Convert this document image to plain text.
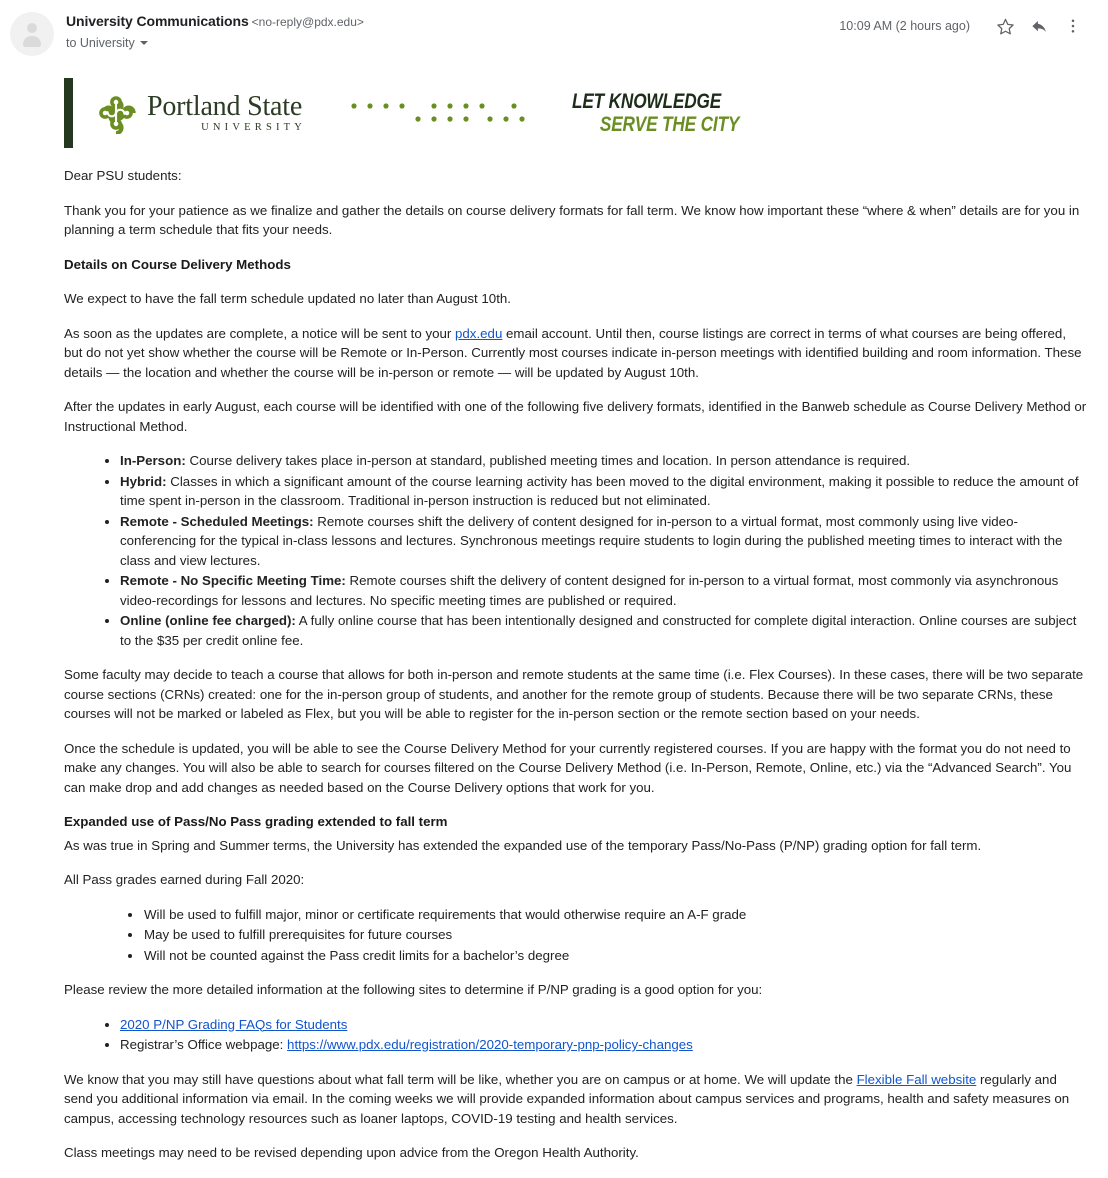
University Communications <no-reply@pdx.edu>
to University
10:09 AM (2 hours ago)
Portland State
UNIVERSITY
LET KNOWLEDGE
SERVE THE CITY

Dear PSU students:

Thank you for your patience as we finalize and gather the details on course delivery formats for fall term. We know how important these “where & when” details are for you in planning a term schedule that fits your needs.

Details on Course Delivery Methods

We expect to have the fall term schedule updated no later than August 10th.

As soon as the updates are complete, a notice will be sent to your pdx.edu email account. Until then, course listings are correct in terms of what courses are being offered, but do not yet show whether the course will be Remote or In-Person. Currently most courses indicate in-person meetings with identified building and room information. These details — the location and whether the course will be in-person or remote — will be updated by August 10th.

After the updates in early August, each course will be identified with one of the following five delivery formats, identified in the Banweb schedule as Course Delivery Method or Instructional Method.

In-Person: Course delivery takes place in-person at standard, published meeting times and location. In person attendance is required.
Hybrid: Classes in which a significant amount of the course learning activity has been moved to the digital environment, making it possible to reduce the amount of time spent in-person in the classroom. Traditional in-person instruction is reduced but not eliminated.
Remote - Scheduled Meetings: Remote courses shift the delivery of content designed for in-person to a virtual format, most commonly using live video-conferencing for the typical in-class lessons and lectures. Synchronous meetings require students to login during the published meeting times to interact with the class and view lectures.
Remote - No Specific Meeting Time: Remote courses shift the delivery of content designed for in-person to a virtual format, most commonly via asynchronous video-recordings for lessons and lectures. No specific meeting times are published or required.
Online (online fee charged): A fully online course that has been intentionally designed and constructed for complete digital interaction. Online courses are subject to the $35 per credit online fee.

Some faculty may decide to teach a course that allows for both in-person and remote students at the same time (i.e. Flex Courses). In these cases, there will be two separate course sections (CRNs) created: one for the in-person group of students, and another for the remote group of students. Because there will be two separate CRNs, these courses will not be marked or labeled as Flex, but you will be able to register for the in-person section or the remote section based on your needs.

Once the schedule is updated, you will be able to see the Course Delivery Method for your currently registered courses. If you are happy with the format you do not need to make any changes. You will also be able to search for courses filtered on the Course Delivery Method (i.e. In-Person, Remote, Online, etc.) via the “Advanced Search”. You can make drop and add changes as needed based on the Course Delivery options that work for you.

Expanded use of Pass/No Pass grading extended to fall term

As was true in Spring and Summer terms, the University has extended the expanded use of the temporary Pass/No-Pass (P/NP) grading option for fall term.

All Pass grades earned during Fall 2020:

Will be used to fulfill major, minor or certificate requirements that would otherwise require an A-F grade
May be used to fulfill prerequisites for future courses
Will not be counted against the Pass credit limits for a bachelor’s degree

Please review the more detailed information at the following sites to determine if P/NP grading is a good option for you:

2020 P/NP Grading FAQs for Students
Registrar’s Office webpage: https://www.pdx.edu/registration/2020-temporary-pnp-policy-changes

We know that you may still have questions about what fall term will be like, whether you are on campus or at home. We will update the Flexible Fall website regularly and send you additional information via email. In the coming weeks we will provide expanded information about campus services and programs, health and safety measures on campus, accessing technology resources such as loaner laptops, COVID-19 testing and health services.

Class meetings may need to be revised depending upon advice from the Oregon Health Authority.
